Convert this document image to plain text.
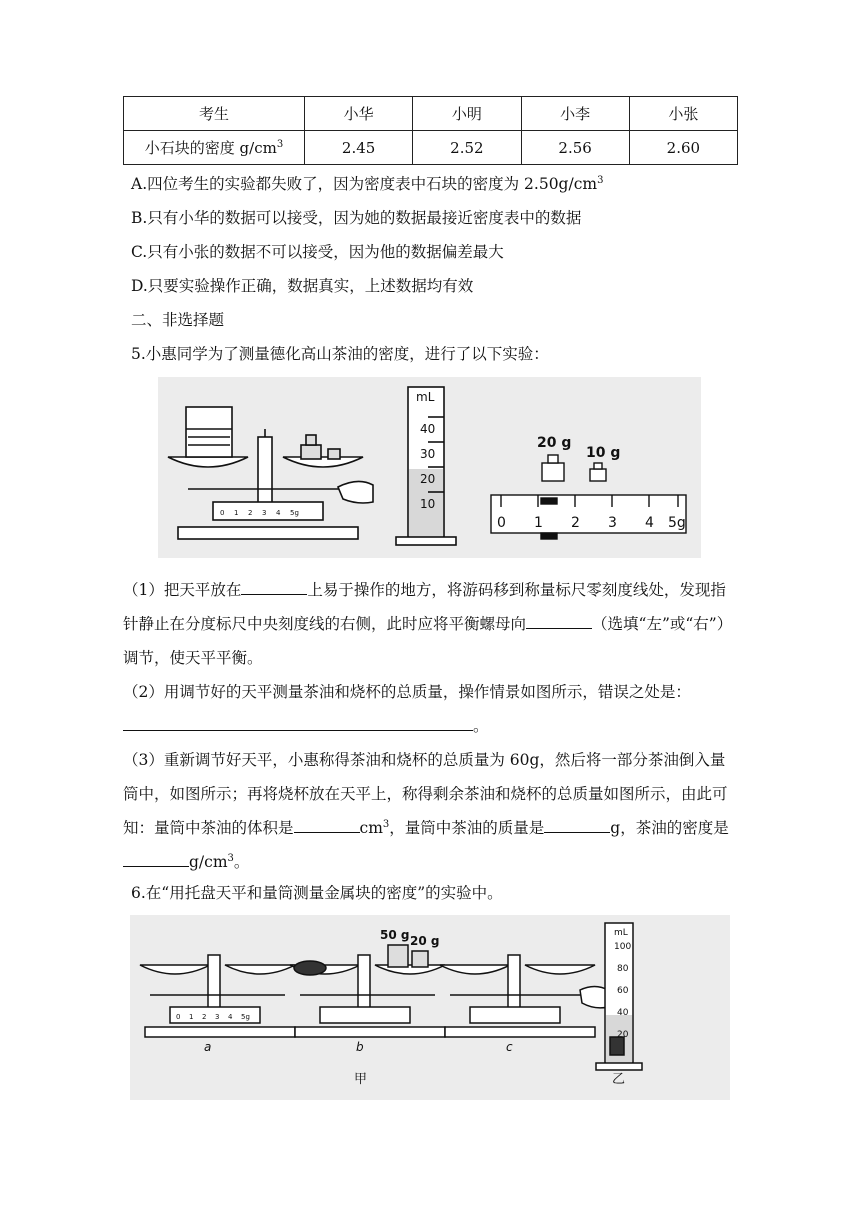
考生	小华	小明	小李	小张
小石块的密度 $g/cm^3$	2.45	2.52	2.56	2.60
A.四位考生的实验都失败了，因为密度表中石块的密度为 $2.50g/cm^3$
B.只有小华的数据可以接受，因为她的数据最接近密度表中的数据
C.只有小张的数据不可以接受，因为他的数据偏差最大
D.只要实验操作正确，数据真实，上述数据均有效
二、非选择题
5.小惠同学为了测量德化高山茶油的密度，进行了以下实验：
0 1 2 3 4 5g
mL
40
30
20
10
20 g
10 g
0 1 2 3 4 5g
（1）把天平放在	上易于操作的地方，将游码移到称量标尺零刻度线处，发现指针静止在分度标尺中央刻度线的右侧，此时应将平衡螺母向	（选填“左”或“右”）调节，使天平平衡。
（2）用调节好的天平测量茶油和烧杯的总质量，操作情景如图所示，错误之处是：。
（3）重新调节好天平，小惠称得茶油和烧杯的总质量为 60g，然后将一部分茶油倒入量筒中，如图所示；再将烧杯放在天平上，称得剩余茶油和烧杯的总质量如图所示，由此可知：量筒中茶油的体积是	$cm^3$，量筒中茶油的质量是	g，茶油的密度是$g/cm^3$。
6.在“用托盘天平和量筒测量金属块的密度”的实验中。
0 1 2 3 4 5g
50 g 20 g
mL
100
80
60
40
20
a	b	c
甲	乙
